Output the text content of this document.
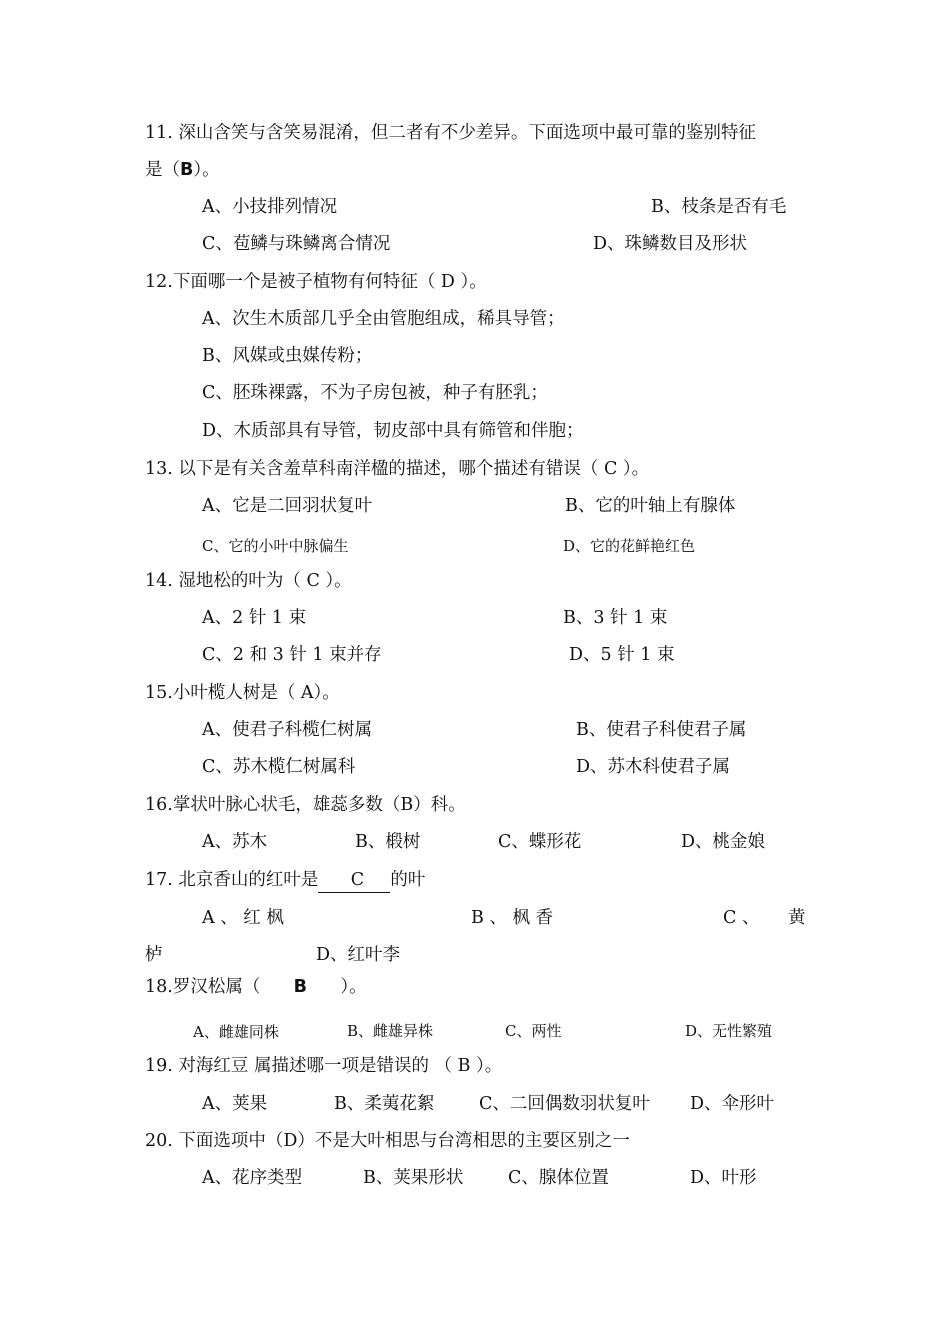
11. 深山含笑与含笑易混淆，但二者有不少差异。下面选项中最可靠的鉴别特征
是（B）。
A、小技排列情况	B、枝条是否有毛
C、苞鳞与珠鳞离合情况	D、珠鳞数目及形状
12.下面哪一个是被子植物有何特征（ D ）。
A、次生木质部几乎全由管胞组成，稀具导管；
B、风媒或虫媒传粉；
C、胚珠裸露，不为子房包被，种子有胚乳；
D、木质部具有导管，韧皮部中具有筛管和伴胞；
13. 以下是有关含羞草科南洋楹的描述，哪个描述有错误（ C ）。
A、它是二回羽状复叶	B、它的叶轴上有腺体
C、它的小叶中脉偏生	D、它的花鲜艳红色
14. 湿地松的叶为（ C ）。
A、2 针 1 束	B、3 针 1 束
C、2 和 3 针 1 束并存	D、5 针 1 束
15.小叶榄人树是（ A）。
A、使君子科榄仁树属	B、使君子科使君子属
C、苏木榄仁树属科	D、苏木科使君子属
16.掌状叶脉心状毛，雄蕊多数（B）科。
A、苏木	B、椴树	C、蝶形花	D、桃金娘
17. 北京香山的红叶是 C 的叶
A 、 红 枫	B 、 枫 香	C 、 黄
栌	D、红叶李
18.罗汉松属（ B ）。
A、雌雄同株	B、雌雄异株	C、两性	D、无性繁殖
19. 对海红豆 属描述哪一项是错误的 （ B ）。
A、荚果	B、柔荑花絮	C、二回偶数羽状复叶 D、伞形叶
20. 下面选项中（D）不是大叶相思与台湾相思的主要区别之一
A、花序类型	B、荚果形状	C、腺体位置	D、叶形
